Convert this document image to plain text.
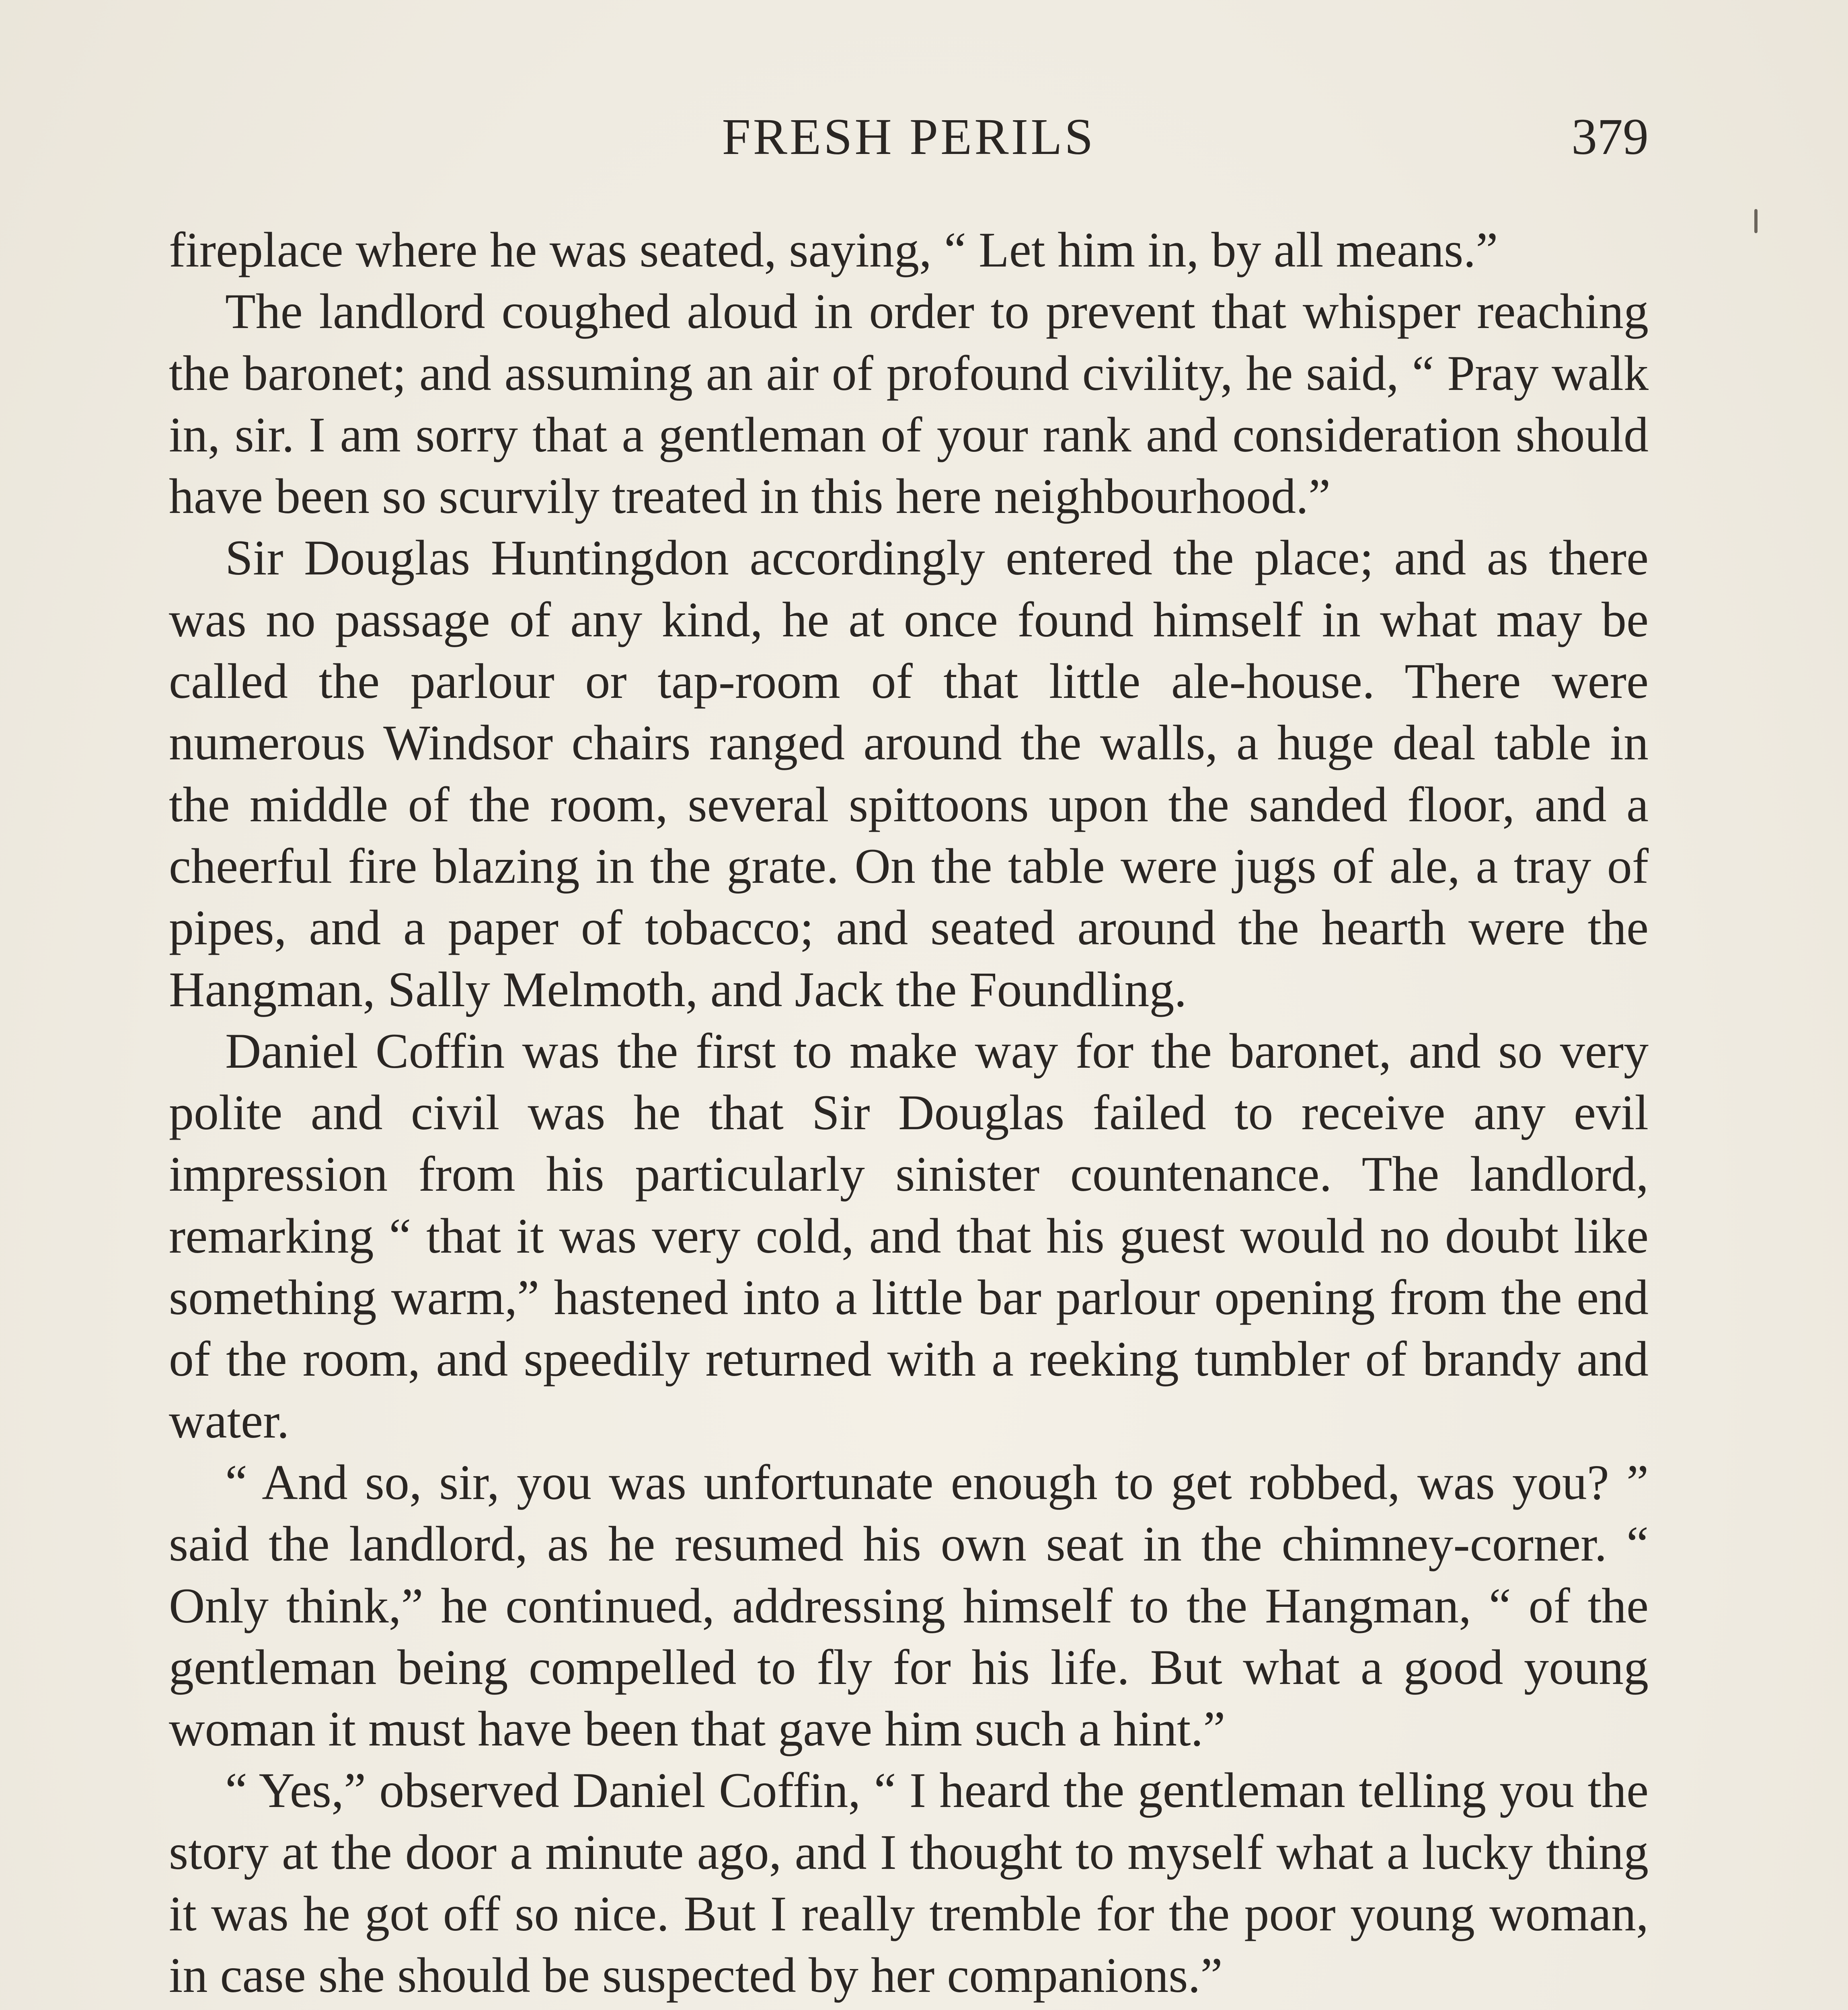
FRESH PERILS	379

fireplace where he was seated, saying, “ Let him in, by all means.”

The landlord coughed aloud in order to prevent that whisper reaching the baronet; and assuming an air of profound civility, he said, “ Pray walk in, sir. I am sorry that a gentleman of your rank and consideration should have been so scurvily treated in this here neighbourhood.”

Sir Douglas Huntingdon accordingly entered the place; and as there was no passage of any kind, he at once found himself in what may be called the parlour or tap-room of that little ale-house. There were numerous Windsor chairs ranged around the walls, a huge deal table in the middle of the room, several spittoons upon the sanded floor, and a cheerful fire blazing in the grate. On the table were jugs of ale, a tray of pipes, and a paper of tobacco; and seated around the hearth were the Hangman, Sally Melmoth, and Jack the Foundling.

Daniel Coffin was the first to make way for the baronet, and so very polite and civil was he that Sir Douglas failed to receive any evil impression from his particularly sinister countenance. The landlord, remarking “ that it was very cold, and that his guest would no doubt like something warm,” hastened into a little bar parlour opening from the end of the room, and speedily returned with a reeking tumbler of brandy and water.

“ And so, sir, you was unfortunate enough to get robbed, was you? ” said the landlord, as he resumed his own seat in the chimney-corner. “ Only think,” he continued, addressing himself to the Hangman, “ of the gentleman being compelled to fly for his life. But what a good young woman it must have been that gave him such a hint.”

“ Yes,” observed Daniel Coffin, “ I heard the gentleman telling you the story at the door a minute ago, and I thought to myself what a lucky thing it was he got off so nice. But I really tremble for the poor young woman, in case she should be suspected by her companions.”
